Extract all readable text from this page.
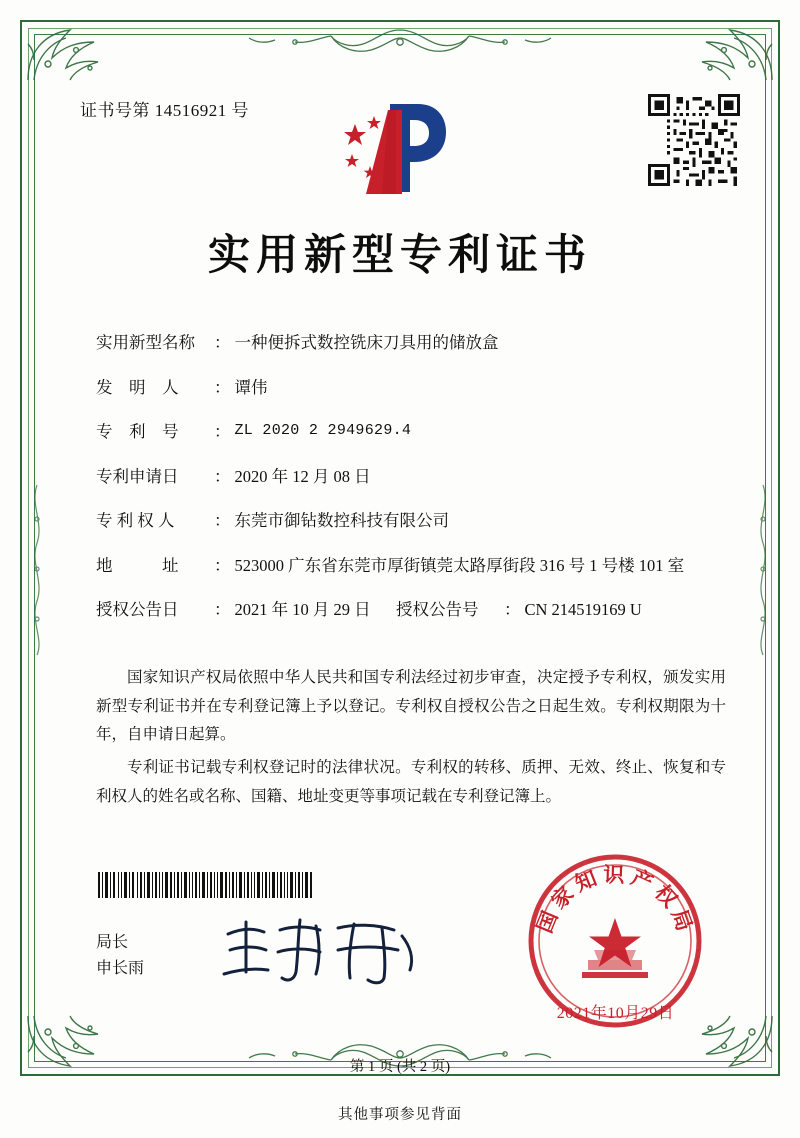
证书号第 14516921 号
实用新型专利证书
实用新型名称	： 一种便拆式数控铣床刀具用的储放盒
发　明　人	： 谭伟
专　利　号	： ZL 2020 2 2949629.4
专利申请日	： 2020 年 12 月 08 日
专 利 权 人	： 东莞市御钻数控科技有限公司
地　　　址	： 523000 广东省东莞市厚街镇莞太路厚街段 316 号 1 号楼 101 室
授权公告日	： 2021 年 10 月 29 日	授权公告号	： CN 214519169 U

国家知识产权局依照中华人民共和国专利法经过初步审查，决定授予专利权，颁发实用新型专利证书并在专利登记簿上予以登记。专利权自授权公告之日起生效。专利权期限为十年，自申请日起算。

专利证书记载专利权登记时的法律状况。专利权的转移、质押、无效、终止、恢复和专利权人的姓名或名称、国籍、地址变更等事项记载在专利登记簿上。

局长
申长雨
国家知识产权局
2021年10月29日
第 1 页 (共 2 页)
其他事项参见背面
